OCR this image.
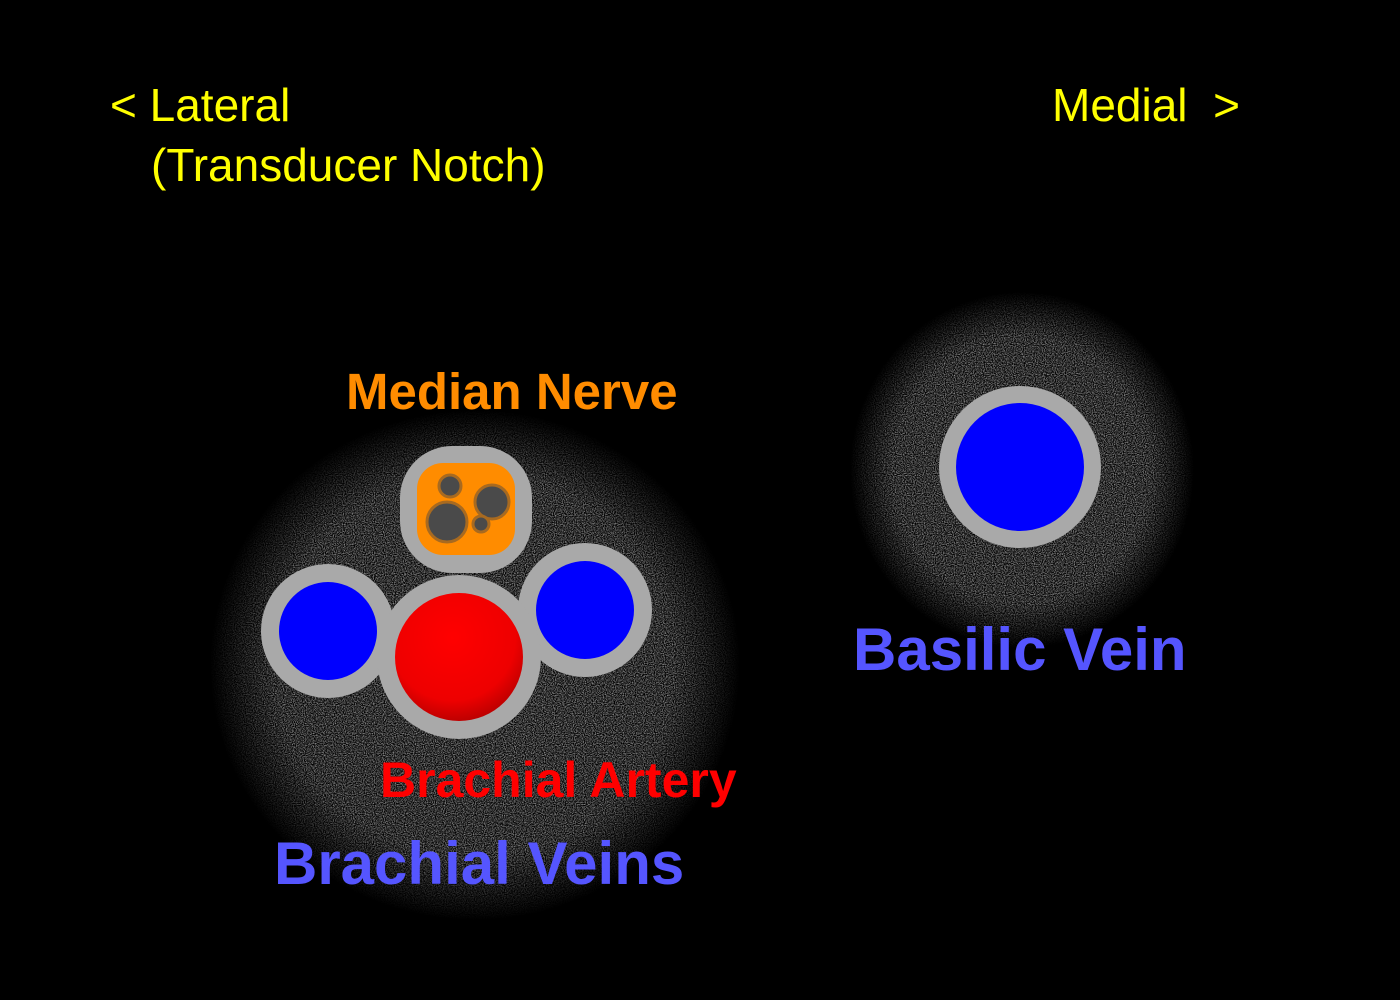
< Lateral
(Transducer Notch)
Medial  >
Median Nerve
Brachial Artery
Brachial Veins
Basilic Vein
